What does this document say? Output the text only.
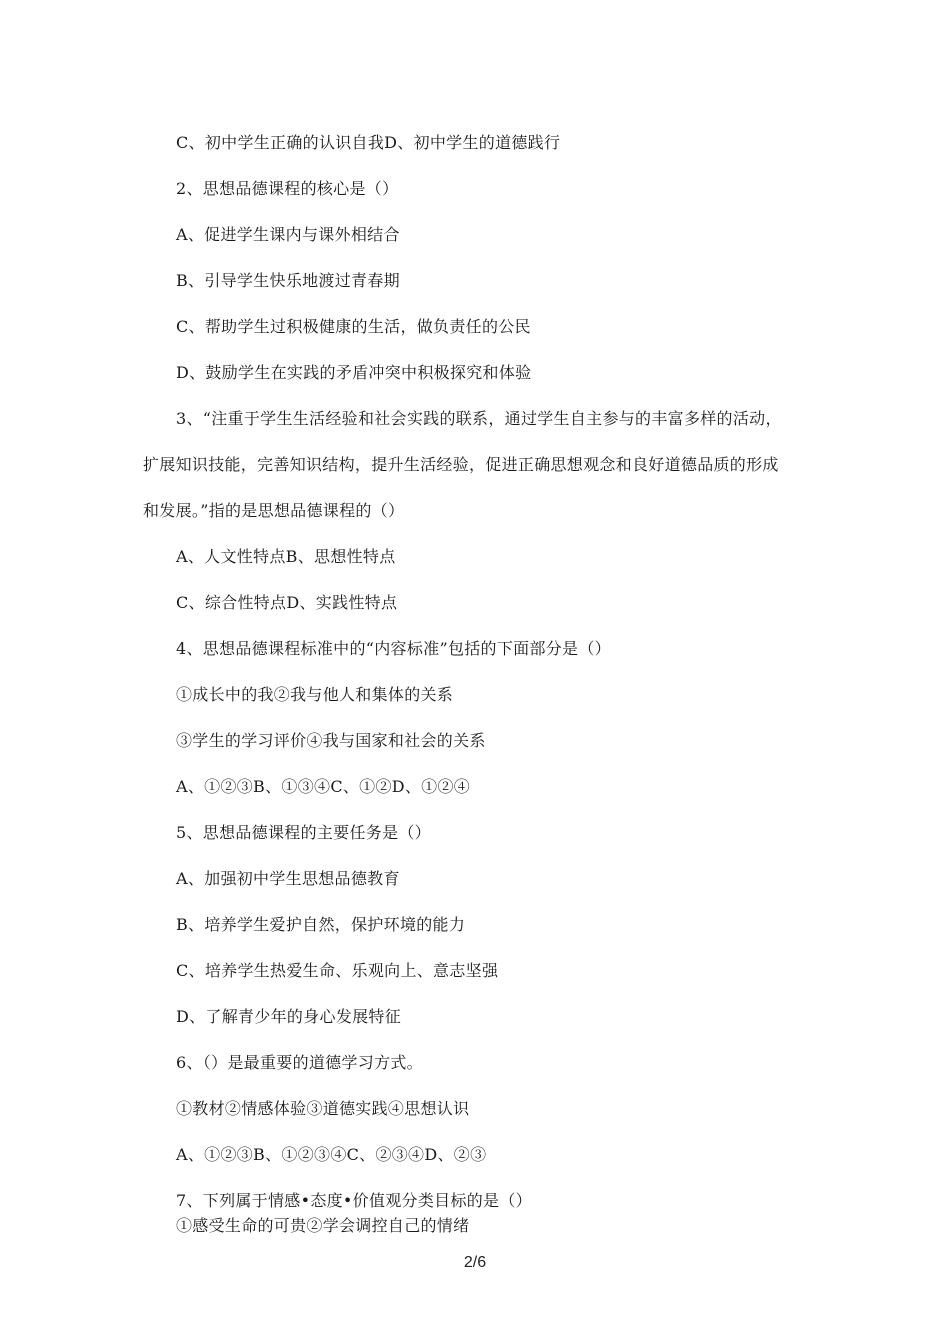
C、初中学生正确的认识自我D、初中学生的道德践行
2、思想品德课程的核心是（）
A、促进学生课内与课外相结合
B、引导学生快乐地渡过青春期
C、帮助学生过积极健康的生活，做负责任的公民
D、鼓励学生在实践的矛盾冲突中积极探究和体验
3、“注重于学生生活经验和社会实践的联系，通过学生自主参与的丰富多样的活动，
扩展知识技能，完善知识结构，提升生活经验，促进正确思想观念和良好道德品质的形成
和发展。”指的是思想品德课程的（）
A、人文性特点B、思想性特点
C、综合性特点D、实践性特点
4、思想品德课程标准中的“内容标准”包括的下面部分是（）
①成长中的我②我与他人和集体的关系
③学生的学习评价④我与国家和社会的关系
A、①②③B、①③④C、①②D、①②④
5、思想品德课程的主要任务是（）
A、加强初中学生思想品德教育
B、培养学生爱护自然，保护环境的能力
C、培养学生热爱生命、乐观向上、意志坚强
D、了解青少年的身心发展特征
6、（）是最重要的道德学习方式。
①教材②情感体验③道德实践④思想认识
A、①②③B、①②③④C、②③④D、②③
7、下列属于情感•态度•价值观分类目标的是（）
①感受生命的可贵②学会调控自己的情绪
2/6
